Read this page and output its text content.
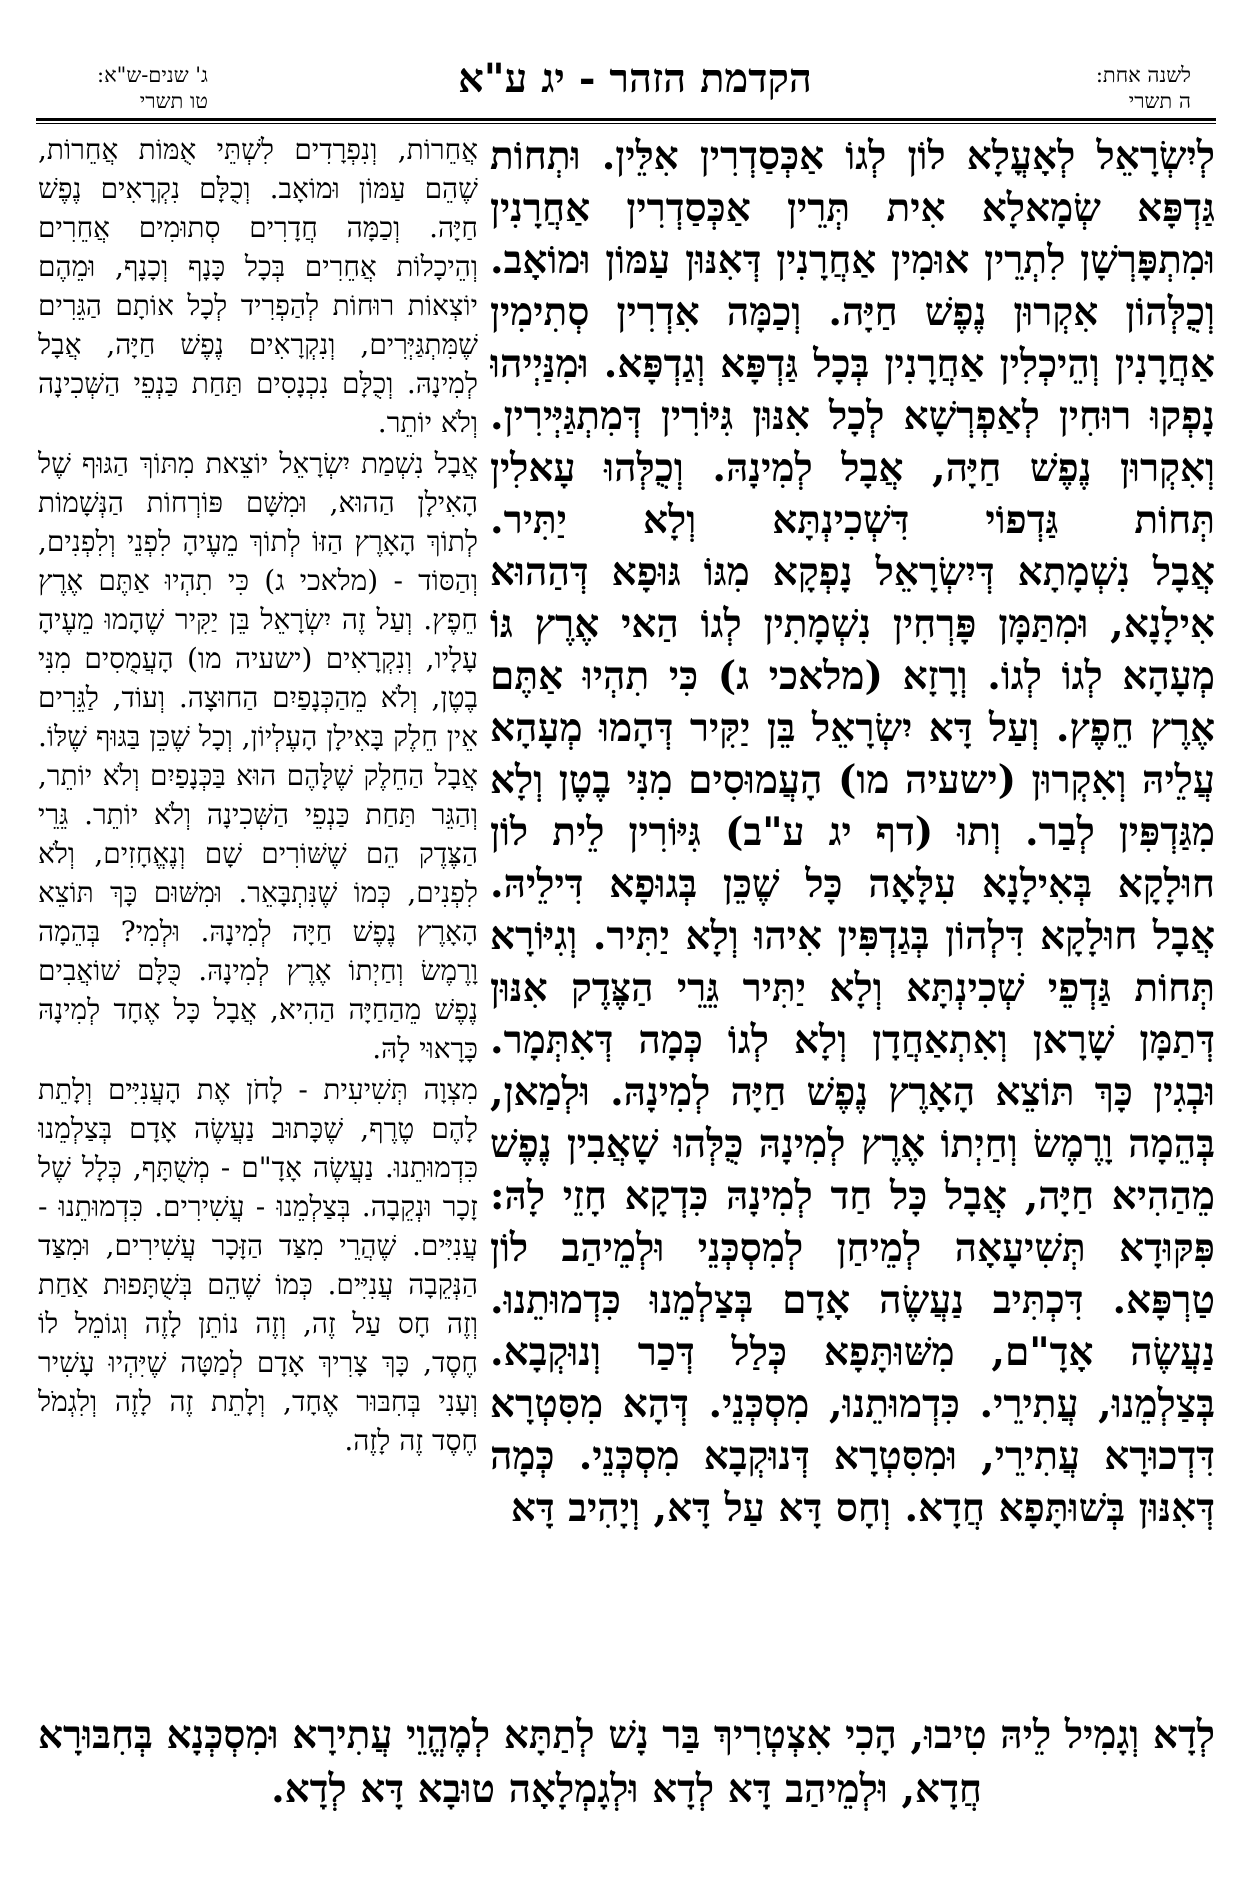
ג' שנים-ש"א:
טו תשרי	הקדמת הזהר - יג ע"א	לשנה אחת:
ה תשרי

לְיִשְׂרָאֵל לְאָעֳלָא לוֹן לְגוֹ אַכְּסַדְרִין אִלֵּין. וּתְחוֹת גַּדְפָּא שְׂמָאלָא אִית תְּרֵין אַכְּסַדְרִין אַחֲרָנִין וּמִתְפָּרְשָׁן לִתְרֵין אוּמִין אַחֲרָנִין דְּאִנּוּן עַמּוֹן וּמוֹאָב. וְכֻלְּהוֹן אִקְרוּן נֶפֶשׁ חַיָּה. וְכַמָּה אִדְרִין סְתִימִין אַחֲרָנִין וְהֵיכְלִין אַחֲרָנִין בְּכָל גַּדְפָּא וְגַדְפָּא. וּמִנַּיְיהוּ נָפְקוּ רוּחִין לְאַפְרְשָׁא לְכָל אִנּוּן גִּיּוֹרִין דְּמִתְגַּיְּירִין. וְאִקְרוּן נֶפֶשׁ חַיָּה, אֲבָל לְמִינָהּ. וְכֻלְּהוּ עָאלִין תְּחוֹת גַּדְפוֹי דִּשְׁכִינְתָּא וְלָא יַתִּיר.

אֲבָל נִשְׁמָתָא דְּיִשְׂרָאֵל נָפְקָא מִגּוֹ גּוּפָא דְּהַהוּא אִילָנָא, וּמִתַּמָּן פָּרְחִין נִשְׁמָתִין לְגוֹ הַאי אֶרֶץ גּוֹ מְעָהָא לְגוֹ לְגוֹ. וְרָזָא (מלאכי ג) כִּי תִהְיוּ אַתֶּם אֶרֶץ חֵפֶץ. וְעַל דָּא יִשְׂרָאֵל בֵּן יַקִּיר דְּהָמוּ מְעָהָא עֲלֵיהּ וְאִקְרוּן (ישעיה מו) הָעֲמוּסִים מִנִּי בֶטֶן וְלָא מִגַּדְפִּין לְבַר. וְתוּ (דף יג ע"ב) גִּיּוֹרִין לֵית לוֹן חוּלָקָא בְּאִילָנָא עִלָּאָה כָּל שֶׁכֵּן בְּגוּפָא דִּילֵיהּ. אֲבָל חוּלָקָא דִּלְהוֹן בְּגַדְפִּין אִיהוּ וְלָא יַתִּיר. וְגִיּוֹרָא תְּחוֹת גַּדְפֵי שְׁכִינְתָּא וְלָא יַתִּיר גֵּרֵי הַצֶּדֶק אִנּוּן דְּתַמָּן שָׁרָאן וְאִתְאַחֲדָן וְלָא לְגוֹ כְּמָה דְּאִתְּמָר. וּבְגִין כָּךְ תּוֹצֵא הָאָרֶץ נֶפֶשׁ חַיָּה לְמִינָהּ. וּלְמַאן, בְּהֵמָה וָרֶמֶשׂ וְחַיְתוֹ אֶרֶץ לְמִינָהּ כֻּלְּהוּ שָׁאֲבִין נֶפֶשׁ מֵהַהִיא חַיָּה, אֲבָל כָּל חַד לְמִינָהּ כִּדְקָא חָזֵי לָהּ:

פִּקּוּדָא תְּשִׁיעָאָה לְמֵיחַן לְמִסְכְּנֵי וּלְמֵיהַב לוֹן טַרְפָּא. דִּכְתִּיב נַעֲשֶׂה אָדָם בְּצַלְמֵנוּ כִּדְמוּתֵנוּ. נַעֲשֶׂה אָדָ"ם, מִשּׁוּתָּפָא כְּלַל דְּכַר וְנוּקְבָא. בְּצַלְמֵנוּ, עֲתִירֵי. כִּדְמוּתֵנוּ, מִסְכְּנֵי. דְּהָא מִסִּטְרָא דִּדְכוּרָא עֲתִירֵי, וּמִסִּטְרָא דְּנוּקְבָא מִסְכְּנֵי. כְּמָה דְּאִנּוּן בְּשׁוּתָּפָא חֲדָא. וְחָס דָּא עַל דָּא, וְיָהִיב דָּא

אֲחֵרוֹת, וְנִפְרָדִים לִשְׁתֵּי אֻמּוֹת אֲחֵרוֹת, שֶׁהֵם עַמּוֹן וּמוֹאָב. וְכֻלָּם נִקְרָאִים נֶפֶשׁ חַיָּה. וְכַמָּה חֲדָרִים סְתוּמִים אֲחֵרִים וְהֵיכָלוֹת אֲחֵרִים בְּכָל כָּנָף וְכָנָף, וּמֵהֶם יוֹצְאוֹת רוּחוֹת לְהַפְרִיד לְכָל אוֹתָם הַגֵּרִים שֶׁמִּתְגַּיְּרִים, וְנִקְרָאִים נֶפֶשׁ חַיָּה, אֲבָל לְמִינָהּ. וְכֻלָּם נִכְנָסִים תַּחַת כַּנְפֵי הַשְּׁכִינָה וְלֹא יוֹתֵר.

אֲבָל נִשְׁמַת יִשְׂרָאֵל יוֹצֵאת מִתּוֹךְ הַגּוּף שֶׁל הָאִילָן הַהוּא, וּמִשָּׁם פּוֹרְחוֹת הַנְּשָׁמוֹת לְתוֹךְ הָאָרֶץ הַזּוֹ לְתוֹךְ מֵעֶיהָ לִפְנֵי וְלִפְנִים, וְהַסּוֹד - (מלאכי ג) כִּי תִהְיוּ אַתֶּם אֶרֶץ חֵפֶץ. וְעַל זֶה יִשְׂרָאֵל בֵּן יַקִּיר שֶׁהָמוּ מֵעֶיהָ עָלָיו, וְנִקְרָאִים (ישעיה מו) הָעֲמֻסִים מִנִּי בֶטֶן, וְלֹא מֵהַכְּנָפַיִם הַחוּצָה. וְעוֹד, לַגֵּרִים אֵין חֵלֶק בָּאִילָן הָעֶלְיוֹן, וְכָל שֶׁכֵּן בַּגּוּף שֶׁלּוֹ. אֲבָל הַחֵלֶק שֶׁלָּהֶם הוּא בַּכְּנָפַיִם וְלֹא יוֹתֵר, וְהַגֵּר תַּחַת כַּנְפֵי הַשְּׁכִינָה וְלֹא יוֹתֵר. גֵּרֵי הַצֶּדֶק הֵם שֶׁשּׁוֹרִים שָׁם וְנֶאֱחָזִים, וְלֹא לִפְנִים, כְּמוֹ שֶׁנִּתְבָּאֵר. וּמִשּׁוּם כָּךְ תּוֹצֵא הָאָרֶץ נֶפֶשׁ חַיָּה לְמִינָהּ. וּלְמִי? בְּהֵמָה וָרֶמֶשׂ וְחַיְתוֹ אֶרֶץ לְמִינָהּ. כֻּלָּם שׁוֹאֲבִים נֶפֶשׁ מֵהַחַיָּה הַהִיא, אֲבָל כָּל אֶחָד לְמִינָהּ כָּרָאוּי לָהּ.

מִצְוָה תְּשִׁיעִית - לָחֹן אֶת הָעֲנִיִּים וְלָתֵת לָהֶם טֶרֶף, שֶׁכָּתוּב נַעֲשֶׂה אָדָם בְּצַלְמֵנוּ כִּדְמוּתֵנוּ. נַעֲשֶׂה אָדָ"ם - מְשֻׁתָּף, כְּלָל שֶׁל זָכָר וּנְקֵבָה. בְּצַלְמֵנוּ - עֲשִׁירִים. כִּדְמוּתֵנוּ - עֲנִיִּים. שֶׁהֲרֵי מִצַּד הַזָּכָר עֲשִׁירִים, וּמִצַּד הַנְּקֵבָה עֲנִיִּים. כְּמוֹ שֶׁהֵם בְּשֻׁתָּפוּת אַחַת וְזֶה חָס עַל זֶה, וְזֶה נוֹתֵן לָזֶה וְגוֹמֵל לוֹ חֶסֶד, כָּךְ צָרִיךְ אָדָם לְמַטָּה שֶׁיִּהְיוּ עָשִׁיר וְעָנִי בְּחִבּוּר אֶחָד, וְלָתֵת זֶה לָזֶה וְלִגְמֹל חֶסֶד זֶה לָזֶה.

לְדָא וְגָמִיל לֵיהּ טִיבוּ, הָכִי אִצְטְרִיךְ בַּר נָשׁ לְתַתָּא לְמֶהֱוֵי עֲתִירָא וּמִסְכְּנָא בְּחִבּוּרָא חֲדָא, וּלְמֵיהַב דָּא לְדָא וּלְגָמְלָאָה טוּבָא דָּא לְדָא.
